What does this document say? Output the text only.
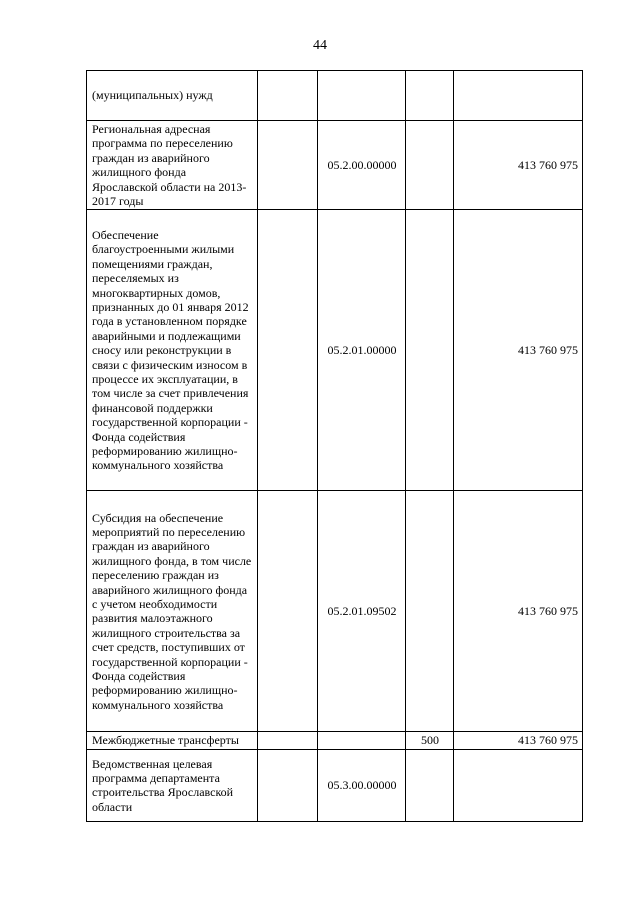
44
(муниципальных) нужд				
Региональная адресная программа по переселению граждан из аварийного жилищного фонда Ярославской области на 2013-2017 годы		05.2.00.00000		413 760 975
Обеспечение благоустроенными жилыми помещениями граждан, переселяемых из многоквартирных домов, признанных до 01 января 2012 года в установленном порядке аварийными и подлежащими сносу или реконструкции в связи с физическим износом в процессе их эксплуатации, в том числе за счет привлечения финансовой поддержки государственной корпорации - Фонда содействия реформированию жилищно-коммунального хозяйства		05.2.01.00000		413 760 975
Субсидия на обеспечение мероприятий по переселению граждан из аварийного жилищного фонда, в том числе переселению граждан из аварийного жилищного фонда с учетом необходимости развития малоэтажного жилищного строительства за счет средств, поступивших от государственной корпорации - Фонда содействия реформированию жилищно-коммунального хозяйства		05.2.01.09502		413 760 975
Межбюджетные трансферты			500	413 760 975
Ведомственная целевая программа департамента строительства Ярославской области		05.3.00.00000		
